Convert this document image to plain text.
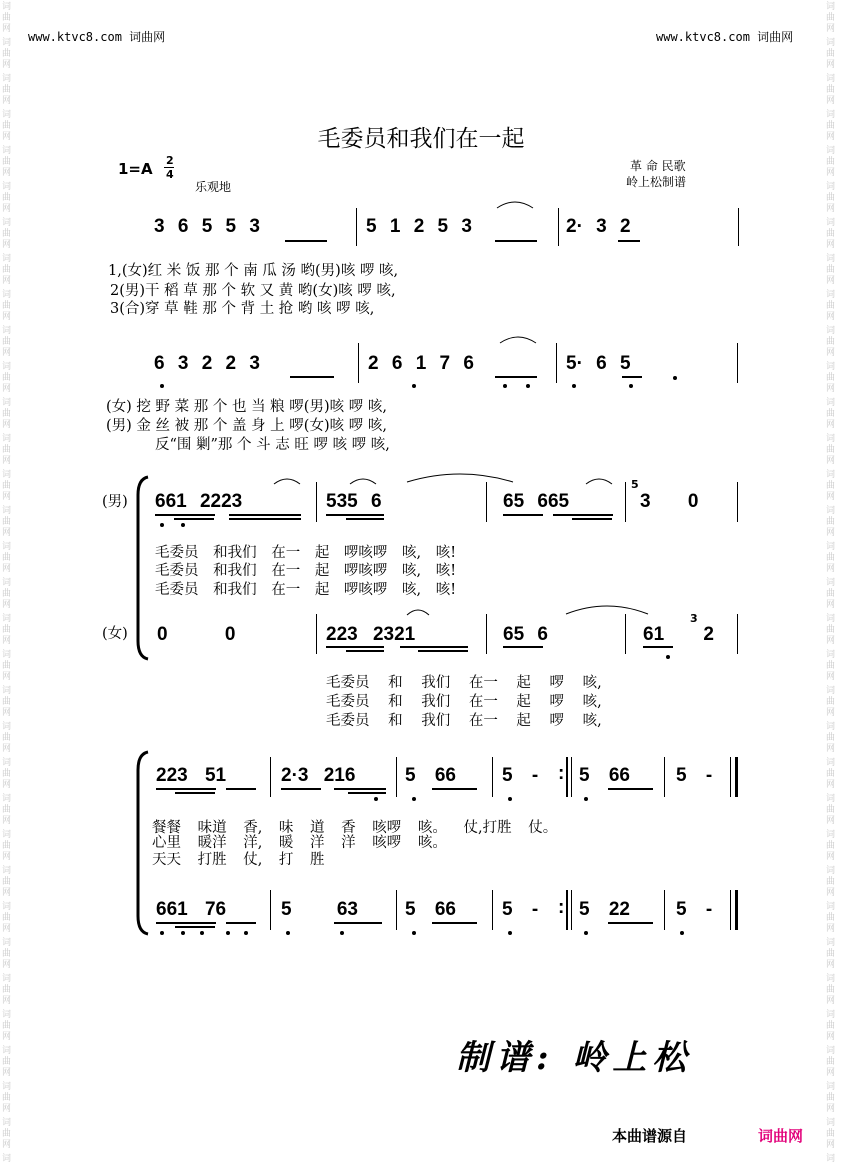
词
曲
网
词
曲
网
词
曲
网
词
曲
网
词
曲
网
词
曲
网
词
曲
网
词
曲
网
词
曲
网
词
曲
网
词
曲
网
词
曲
网
词
曲
网
词
曲
网
词
曲
网
词
曲
网
词
曲
网
词
曲
网
词
曲
网
词
曲
网
词
曲
网
词
曲
网
词
曲
网
词
曲
网
词
曲
网
词
曲
网
词
曲
网
词
曲
网
词
曲
网
词
曲
网
词
曲
网
词
曲
网
词
词
曲
网
词
曲
网
词
曲
网
词
曲
网
词
曲
网
词
曲
网
词
曲
网
词
曲
网
词
曲
网
词
曲
网
词
曲
网
词
曲
网
词
曲
网
词
曲
网
词
曲
网
词
曲
网
词
曲
网
词
曲
网
词
曲
网
词
曲
网
词
曲
网
词
曲
网
词
曲
网
词
曲
网
词
曲
网
词
曲
网
词
曲
网
词
曲
网
词
曲
网
词
曲
网
词
曲
网
词
曲
网
词
www.ktvc8.com 词曲网	www.ktvc8.com 词曲网
毛委员和我们在一起
1=A 2
4
乐观地
革 命 民歌
岭上松制谱
3 6 5 5 3	5 1 2 5 3	2· 3 2
1,(女)红 米 饭 那 个 南 瓜 汤 哟(男)咳 啰 咳,
2(男)干 稻 草 那 个 软 又 黄 哟(女)咳 啰 咳,
3(合)穿 草 鞋 那 个 背 土 抢 哟 咳 啰 咳,
6 3 2 2 3	2 6 1 7 6	5· 6 5
(女) 挖 野 菜 那 个 也 当 粮 啰(男)咳 啰 咳,
(男) 金 丝 被 那 个 盖 身 上 啰(女)咳 啰 咳,
反“围 剿”那 个 斗 志 旺 啰 咳 啰 咳,
(男)
(女)
661 2223	535 6	65 665	3 0
5
毛委员 和我们 在一 起 啰咳啰 咳, 咳!
毛委员 和我们 在一 起 啰咳啰 咳, 咳!
毛委员 和我们 在一 起 啰咳啰 咳, 咳!
0 0	223 2321	65 6	61 2
3
毛委员 和 我们 在一 起 啰 咳,
毛委员 和 我们 在一 起 啰 咳,
毛委员 和 我们 在一 起 啰 咳,
223 51	2·3 216	5 66 5 - : 5 66 5 -
餐餐 味道 香, 味 道 香 咳啰 咳。 仗,打胜 仗。
心里 暖洋 洋, 暖 洋 洋 咳啰 咳。
天天 打胜 仗, 打 胜
661 76	5 63 5 66 5 - : 5 22 5 -
制谱: 岭上松
本曲谱源自	词曲网
